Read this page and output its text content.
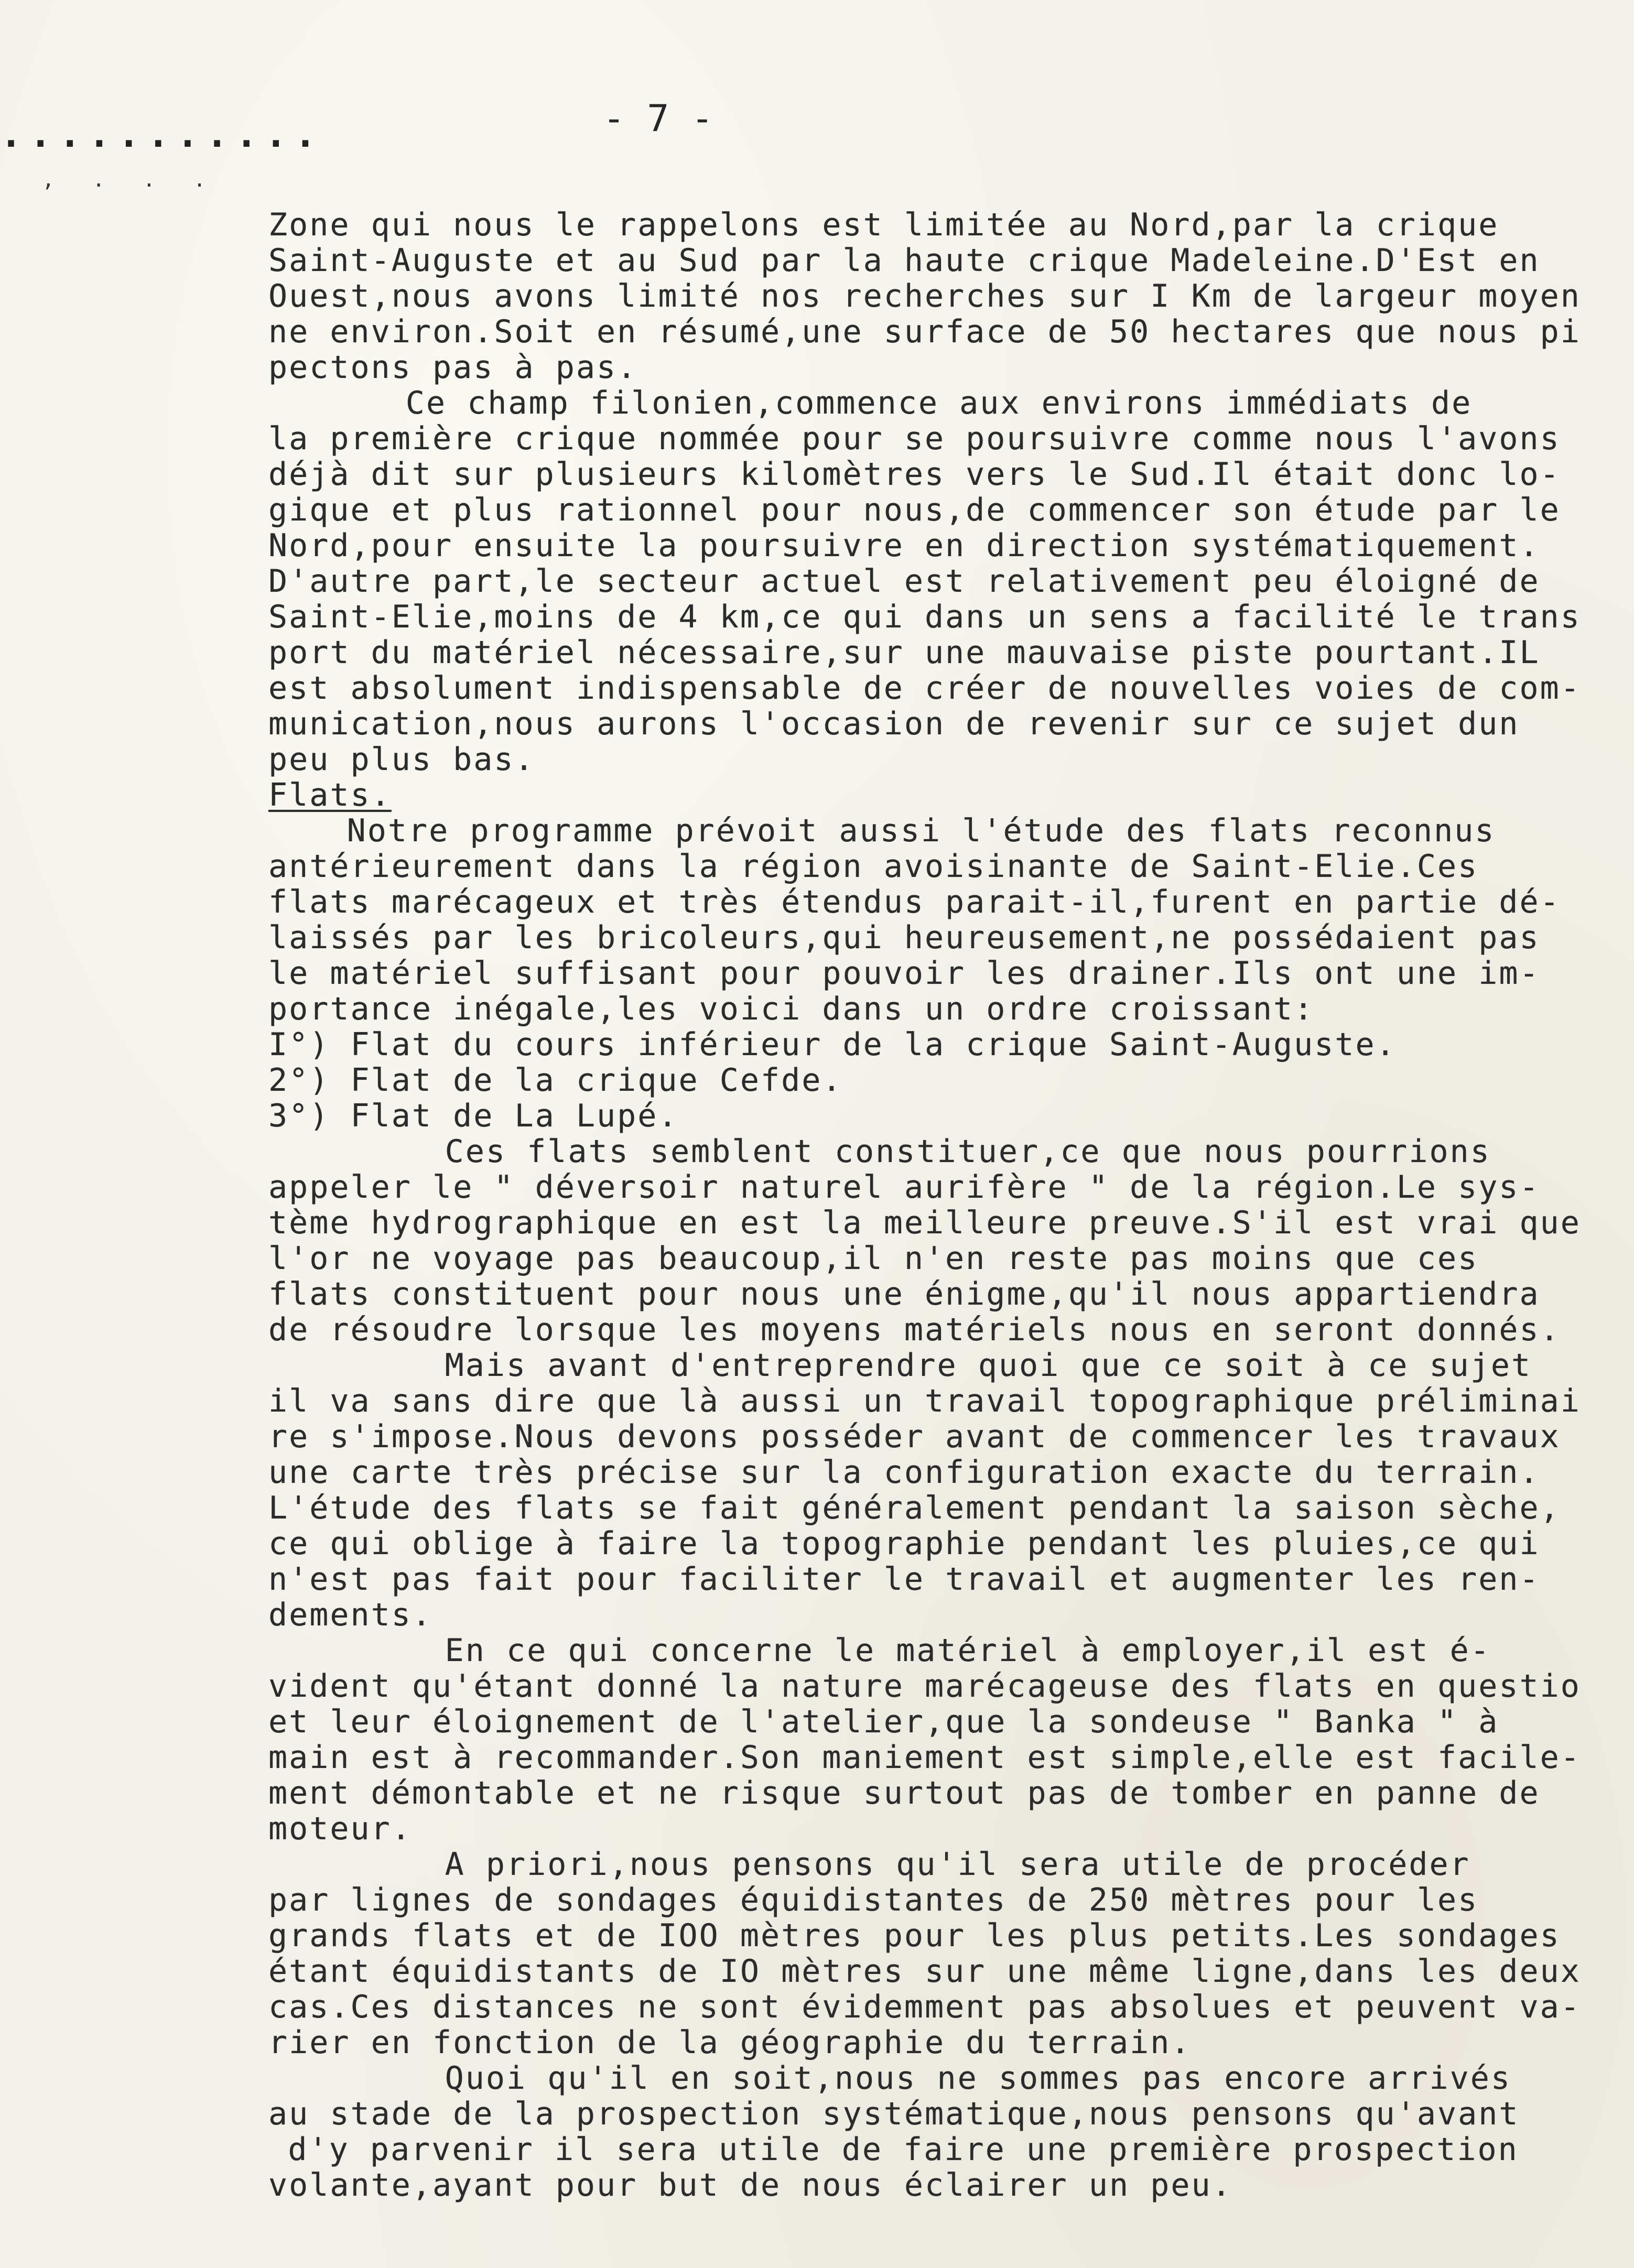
...........
, . . .
- 7 -
Zone qui nous le rappelons est limitée au Nord,par la crique
Saint-Auguste et au Sud par la haute crique Madeleine.D'Est en
Ouest,nous avons limité nos recherches sur I Km de largeur moyen
ne environ.Soit en résumé,une surface de 50 hectares que nous pi
pectons pas à pas.
Ce champ filonien,commence aux environs immédiats de
la première crique nommée pour se poursuivre comme nous l'avons
déjà dit sur plusieurs kilomètres vers le Sud.Il était donc lo-
gique et plus rationnel pour nous,de commencer son étude par le
Nord,pour ensuite la poursuivre en direction systématiquement.
D'autre part,le secteur actuel est relativement peu éloigné de
Saint-Elie,moins de 4 km,ce qui dans un sens a facilité le trans
port du matériel nécessaire,sur une mauvaise piste pourtant.IL
est absolument indispensable de créer de nouvelles voies de com-
munication,nous aurons l'occasion de revenir sur ce sujet dun
peu plus bas.
Flats.
Notre programme prévoit aussi l'étude des flats reconnus
antérieurement dans la région avoisinante de Saint-Elie.Ces
flats marécageux et très étendus parait-il,furent en partie dé-
laissés par les bricoleurs,qui heureusement,ne possédaient pas
le matériel suffisant pour pouvoir les drainer.Ils ont une im-
portance inégale,les voici dans un ordre croissant:
I°) Flat du cours inférieur de la crique Saint-Auguste.
2°) Flat de la crique Cefde.
3°) Flat de La Lupé.
Ces flats semblent constituer,ce que nous pourrions
appeler le " déversoir naturel aurifère " de la région.Le sys-
tème hydrographique en est la meilleure preuve.S'il est vrai que
l'or ne voyage pas beaucoup,il n'en reste pas moins que ces
flats constituent pour nous une énigme,qu'il nous appartiendra
de résoudre lorsque les moyens matériels nous en seront donnés.
Mais avant d'entreprendre quoi que ce soit à ce sujet
il va sans dire que là aussi un travail topographique préliminai
re s'impose.Nous devons posséder avant de commencer les travaux
une carte très précise sur la configuration exacte du terrain.
L'étude des flats se fait généralement pendant la saison sèche,
ce qui oblige à faire la topographie pendant les pluies,ce qui
n'est pas fait pour faciliter le travail et augmenter les ren-
dements.
En ce qui concerne le matériel à employer,il est é-
vident qu'étant donné la nature marécageuse des flats en questio
et leur éloignement de l'atelier,que la sondeuse " Banka " à
main est à recommander.Son maniement est simple,elle est facile-
ment démontable et ne risque surtout pas de tomber en panne de
moteur.
A priori,nous pensons qu'il sera utile de procéder
par lignes de sondages équidistantes de 250 mètres pour les
grands flats et de IOO mètres pour les plus petits.Les sondages
étant équidistants de IO mètres sur une même ligne,dans les deux
cas.Ces distances ne sont évidemment pas absolues et peuvent va-
rier en fonction de la géographie du terrain.
Quoi qu'il en soit,nous ne sommes pas encore arrivés
au stade de la prospection systématique,nous pensons qu'avant
d'y parvenir il sera utile de faire une première prospection
volante,ayant pour but de nous éclairer un peu.
